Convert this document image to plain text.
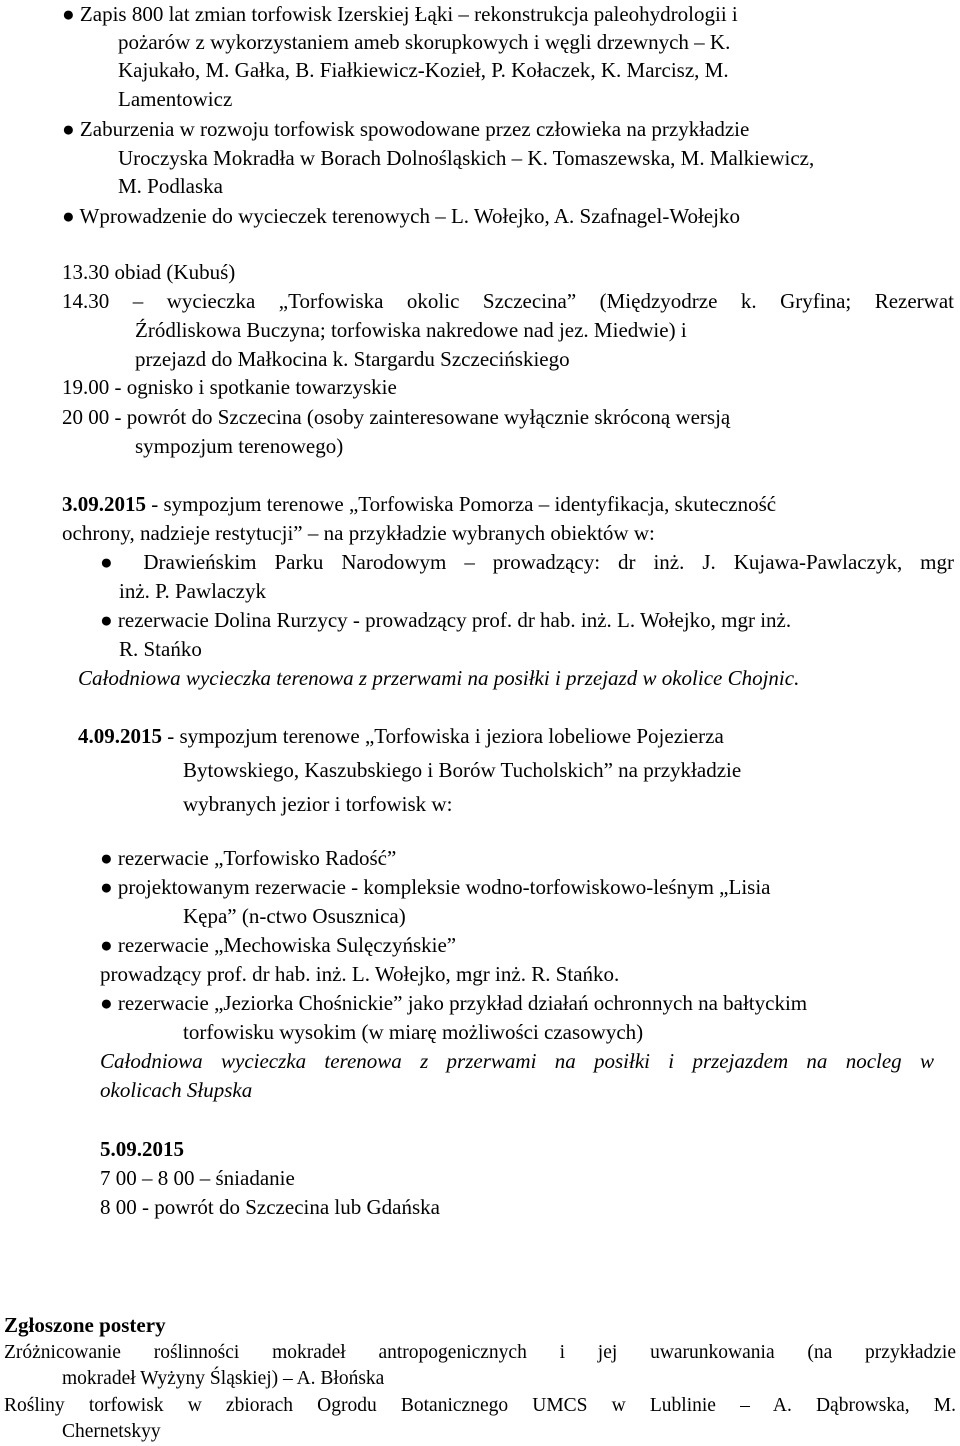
● Zapis 800 lat zmian torfowisk Izerskiej Łąki – rekonstrukcja paleohydrologii i
pożarów z wykorzystaniem ameb skorupkowych i węgli drzewnych – K.
Kajukało, M. Gałka, B. Fiałkiewicz-Kozieł, P. Kołaczek, K. Marcisz, M.
Lamentowicz
● Zaburzenia w rozwoju torfowisk spowodowane przez człowieka na przykładzie
Uroczyska Mokradła w Borach Dolnośląskich – K. Tomaszewska, M. Malkiewicz,
M. Podlaska
● Wprowadzenie do wycieczek terenowych – L. Wołejko, A. Szafnagel-Wołejko
13.30 obiad (Kubuś)
14.30 – wycieczka „Torfowiska okolic Szczecina” (Międzyodrze k. Gryfina; Rezerwat
Źródliskowa Buczyna; torfowiska nakredowe nad jez. Miedwie) i
przejazd do Małkocina k. Stargardu Szczecińskiego
19.00 - ognisko i spotkanie towarzyskie
20 00 - powrót do Szczecina (osoby zainteresowane wyłącznie skróconą wersją
sympozjum terenowego)
3.09.2015 - sympozjum terenowe „Torfowiska Pomorza – identyfikacja, skuteczność
ochrony, nadzieje restytucji” – na przykładzie wybranych obiektów w:
● Drawieńskim Parku Narodowym – prowadzący: dr inż. J. Kujawa-Pawlaczyk, mgr
inż. P. Pawlaczyk
● rezerwacie Dolina Rurzycy - prowadzący prof. dr hab. inż. L. Wołejko, mgr inż.
R. Stańko
Całodniowa wycieczka terenowa z przerwami na posiłki i przejazd w okolice Chojnic.
4.09.2015 - sympozjum terenowe „Torfowiska i jeziora lobeliowe Pojezierza
Bytowskiego, Kaszubskiego i Borów Tucholskich” na przykładzie
wybranych jezior i torfowisk w:
● rezerwacie „Torfowisko Radość”
● projektowanym rezerwacie - kompleksie wodno-torfowiskowo-leśnym „Lisia
Kępa” (n-ctwo Osusznica)
● rezerwacie „Mechowiska Sulęczyńskie”
prowadzący prof. dr hab. inż. L. Wołejko, mgr inż. R. Stańko.
● rezerwacie „Jeziorka Chośnickie” jako przykład działań ochronnych na bałtyckim
torfowisku wysokim (w miarę możliwości czasowych)
Całodniowa wycieczka terenowa z przerwami na posiłki i przejazdem na nocleg w
okolicach Słupska
5.09.2015
7 00 – 8 00 – śniadanie
8 00 - powrót do Szczecina lub Gdańska
Zgłoszone postery
Zróżnicowanie roślinności mokradeł antropogenicznych i jej uwarunkowania (na przykładzie
mokradeł Wyżyny Śląskiej) – A. Błońska
Rośliny torfowisk w zbiorach Ogrodu Botanicznego UMCS w Lublinie – A. Dąbrowska, M.
Chernetskyy
